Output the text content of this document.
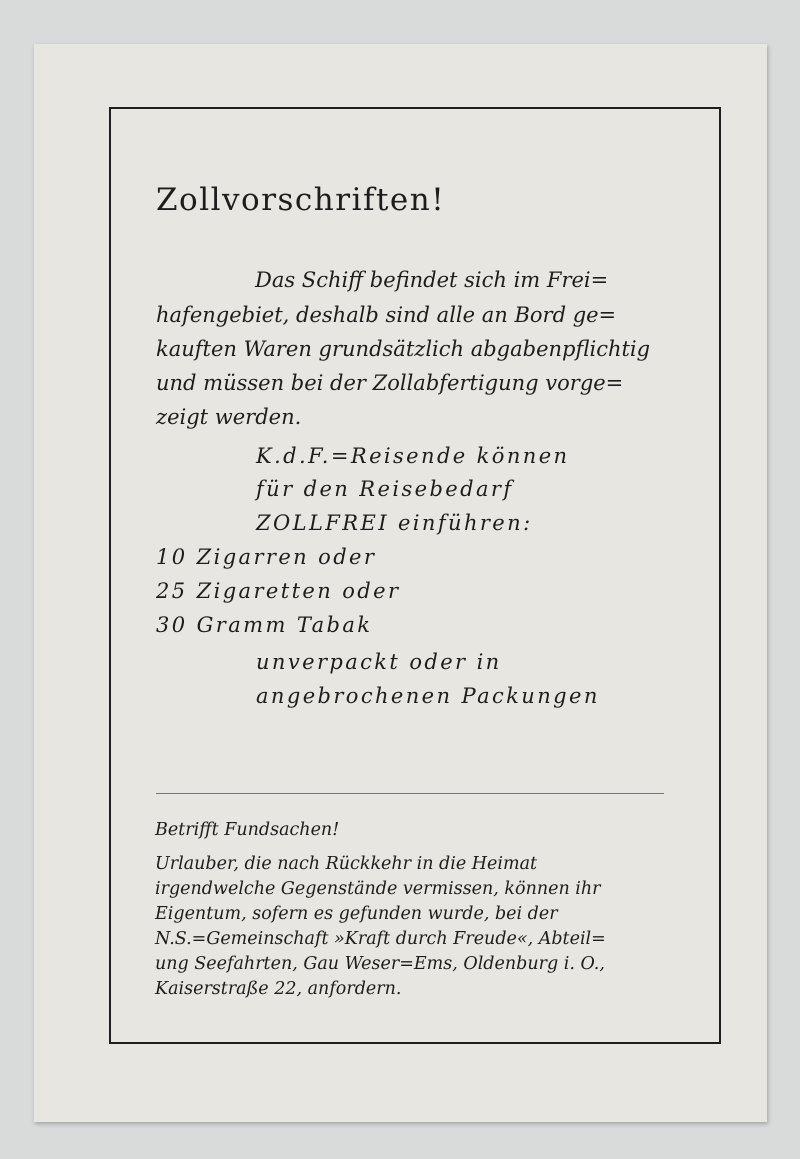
Zollvorschriften!
Das Schiff befindet sich im Frei=
hafengebiet, deshalb sind alle an Bord ge=
kauften Waren grundsätzlich abgabenpflichtig
und müssen bei der Zollabfertigung vorge=
zeigt werden.
K.d.F.=Reisende können
für den Reisebedarf
ZOLLFREI einführen:
10 Zigarren oder
25 Zigaretten oder
30 Gramm Tabak
unverpackt oder in
angebrochenen Packungen
Betrifft Fundsachen!
Urlauber, die nach Rückkehr in die Heimat
irgendwelche Gegenstände vermissen, können ihr
Eigentum, sofern es gefunden wurde, bei der
N.S.=Gemeinschaft »Kraft durch Freude«, Abteil=
ung Seefahrten, Gau Weser=Ems, Oldenburg i. O.,
Kaiserstraße 22, anfordern.
